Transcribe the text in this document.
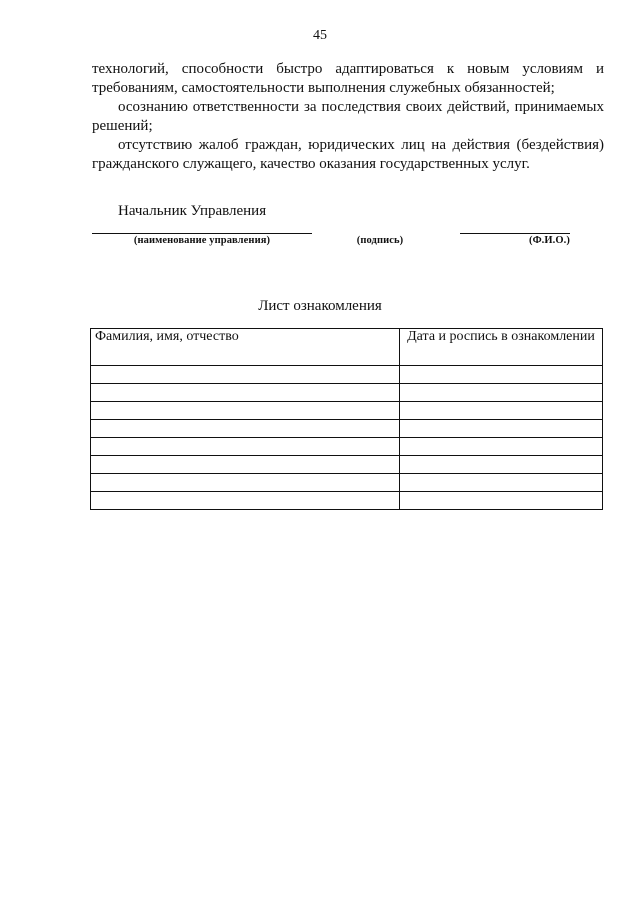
45

технологий, способности быстро адаптироваться к новым условиям и требованиям, самостоятельности выполнения служебных обязанностей;

осознанию ответственности за последствия своих действий, принимаемых решений;

отсутствию жалоб граждан, юридических лиц на действия (бездействия) гражданского служащего, качество оказания государственных услуг.

Начальник Управления
(наименование управления)	(подпись)	(Ф.И.О.)
Лист ознакомления
Фамилия, имя, отчество	Дата и роспись в ознакомлении
